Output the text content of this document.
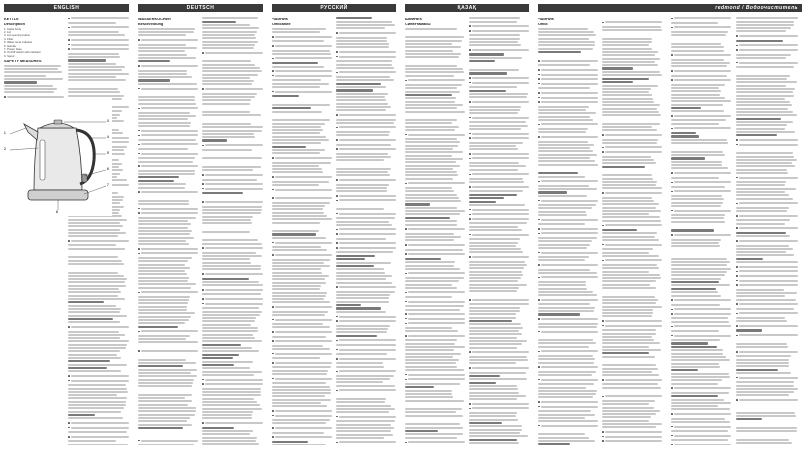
ENGLISH	DEUTSCH	РУССКИЙ	ҚАЗАҚ	redmond / Водоочиститель
KETTLE
Description
1. Kettle body
2. Lid
3. Lid opening button
4. Filter
5. Water level indicator
6. Handle
7. Power base
8. On/Off switch with indicator
9. Spout
SAFETY MEASURES
WASSERKOCHER
Beschreibung
ЧАЙНИК
Описание
ШӘЙНЕК
Сипаттамасы
ЧАЙНИК
Опис
1
2
3
4
5
6
7
8
